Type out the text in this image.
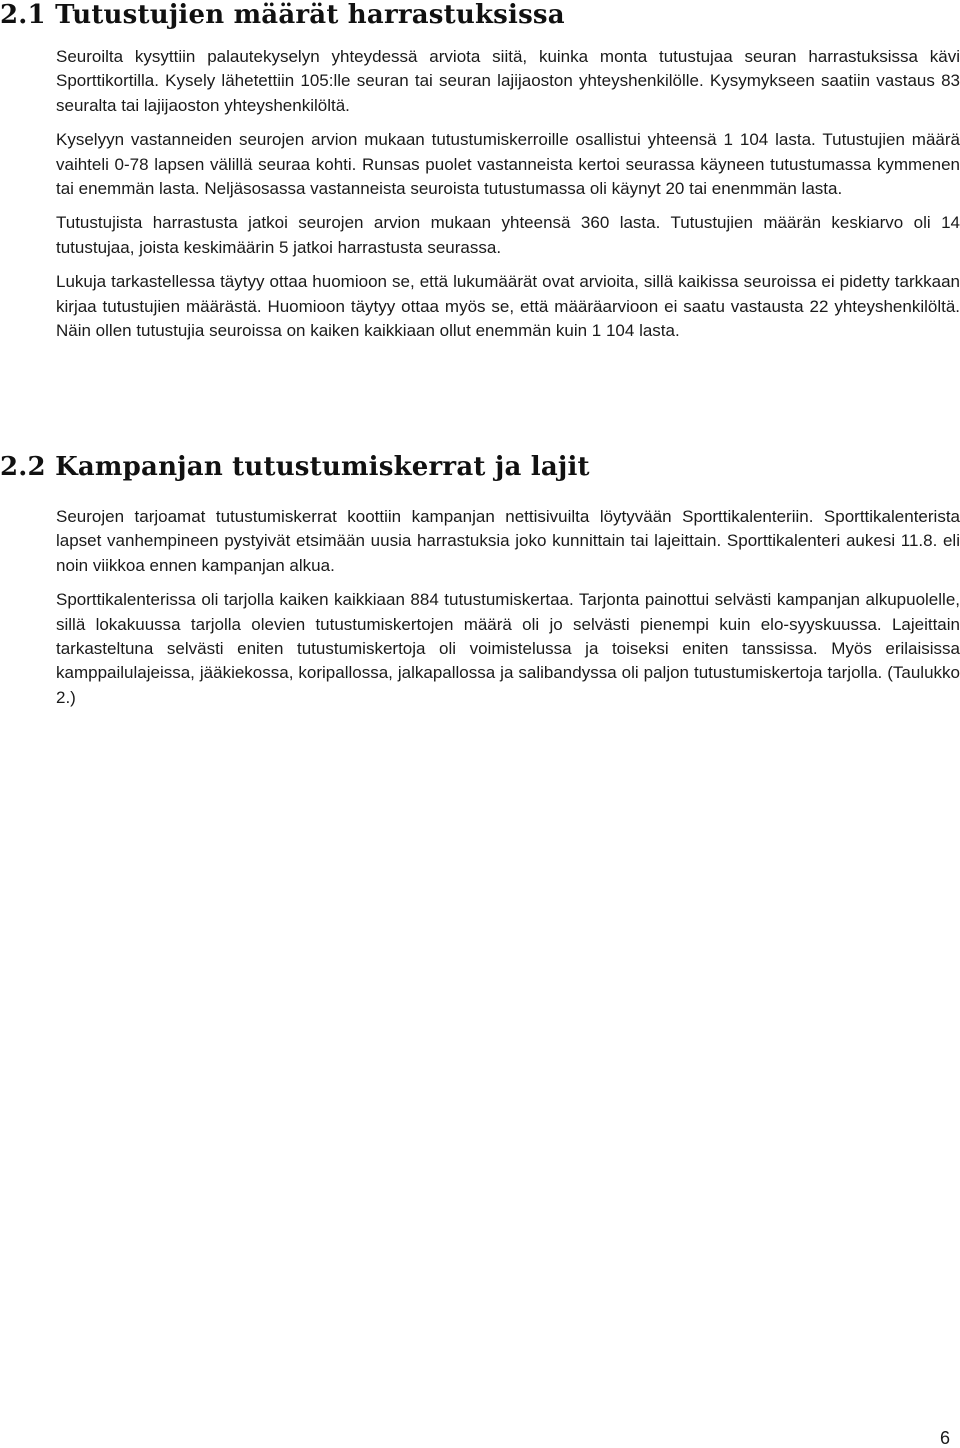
2.1 Tutustujien määrät harrastuksissa

Seuroilta kysyttiin palautekyselyn yhteydessä arviota siitä, kuinka monta tutustujaa seuran harrastuksissa kävi Sporttikortilla. Kysely lähetettiin 105:lle seuran tai seuran lajijaoston yhteyshenkilölle. Kysymykseen saatiin vastaus 83 seuralta tai lajijaoston yhteyshenkilöltä.

Kyselyyn vastanneiden seurojen arvion mukaan tutustumiskerroille osallistui yhteensä 1 104 lasta. Tutustujien määrä vaihteli 0-78 lapsen välillä seuraa kohti. Runsas puolet vastanneista kertoi seurassa käyneen tutustumassa kymmenen tai enemmän lasta. Neljäsosassa vastanneista seuroista tutustumassa oli käynyt 20 tai enenmmän lasta.

Tutustujista harrastusta jatkoi seurojen arvion mukaan yhteensä 360 lasta. Tutustujien määrän keskiarvo oli 14 tutustujaa, joista keskimäärin 5 jatkoi harrastusta seurassa.

Lukuja tarkastellessa täytyy ottaa huomioon se, että lukumäärät ovat arvioita, sillä kaikissa seuroissa ei pidetty tarkkaan kirjaa tutustujien määrästä. Huomioon täytyy ottaa myös se, että määräarvioon ei saatu vastausta 22 yhteyshenkilöltä. Näin ollen tutustujia seuroissa on kaiken kaikkiaan ollut enemmän kuin 1 104 lasta.

2.2 Kampanjan tutustumiskerrat ja lajit

Seurojen tarjoamat tutustumiskerrat koottiin kampanjan nettisivuilta löytyvään Sporttikalenteriin. Sporttikalenterista lapset vanhempineen pystyivät etsimään uusia harrastuksia joko kunnittain tai lajeittain. Sporttikalenteri aukesi 11.8. eli noin viikkoa ennen kampanjan alkua.

Sporttikalenterissa oli tarjolla kaiken kaikkiaan 884 tutustumiskertaa. Tarjonta painottui selvästi kampanjan alkupuolelle, sillä lokakuussa tarjolla olevien tutustumiskertojen määrä oli jo selvästi pienempi kuin elo-syyskuussa. Lajeittain tarkasteltuna selvästi eniten tutustumiskertoja oli voimistelussa ja toiseksi eniten tanssissa. Myös erilaisissa kamppailulajeissa, jääkiekossa, koripallossa, jalkapallossa ja salibandyssa oli paljon tutustumiskertoja tarjolla. (Taulukko 2.)

6
